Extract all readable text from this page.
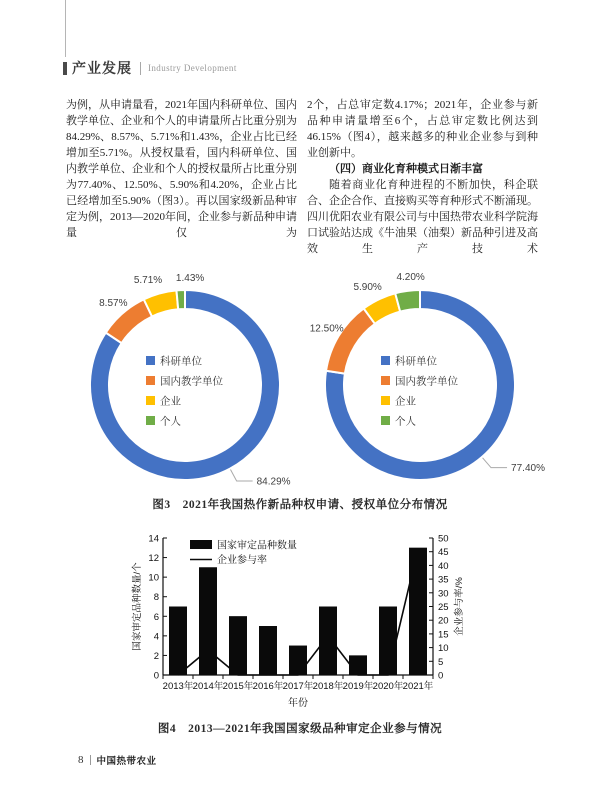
产业发展 Industry Development

为例，从申请量看，2021年国内科研单位、国内教学单位、企业和个人的申请量所占比重分别为84.29%、8.57%、5.71%和1.43%，企业占比已经增加至5.71%。从授权量看，国内科研单位、国内教学单位、企业和个人的授权量所占比重分别为77.40%、12.50%、5.90%和4.20%，企业占比已经增加至5.90%（图3）。再以国家级新品种审定为例，2013—2020年间，企业参与新品种申请量仅为

2个，占总审定数4.17%；2021年，企业参与新品种申请量增至6个，占总审定数比例达到46.15%（图4），越来越多的种业企业参与到种业创新中。

（四）商业化育种模式日渐丰富

随着商业化育种进程的不断加快，科企联合、企企合作、直接购买等育种形式不断涌现。四川优阳农业有限公司与中国热带农业科学院海口试验站达成《牛油果（油梨）新品种引进及高效生产技术

84.29%
8.57%
5.71% 1.43%
科研单位
国内教学单位
企业
个人
77.40%
12.50%
5.90%
4.20%
科研单位
国内教学单位
企业
个人
图3　2021年我国热作新品种权申请、授权单位分布情况
0
2
4
6
8
10
12
14
0
5
10
15
20
25
30
35
40
45
50
2013年 2014年 2015年 2016年 2017年 2018年 2019年 2020年 2021年
国家审定品种数量
企业参与率
国家审定品种数量/个	企业参与率/%
年份
图4　2013—2021年我国国家级品种审定企业参与情况
8 中国热带农业
